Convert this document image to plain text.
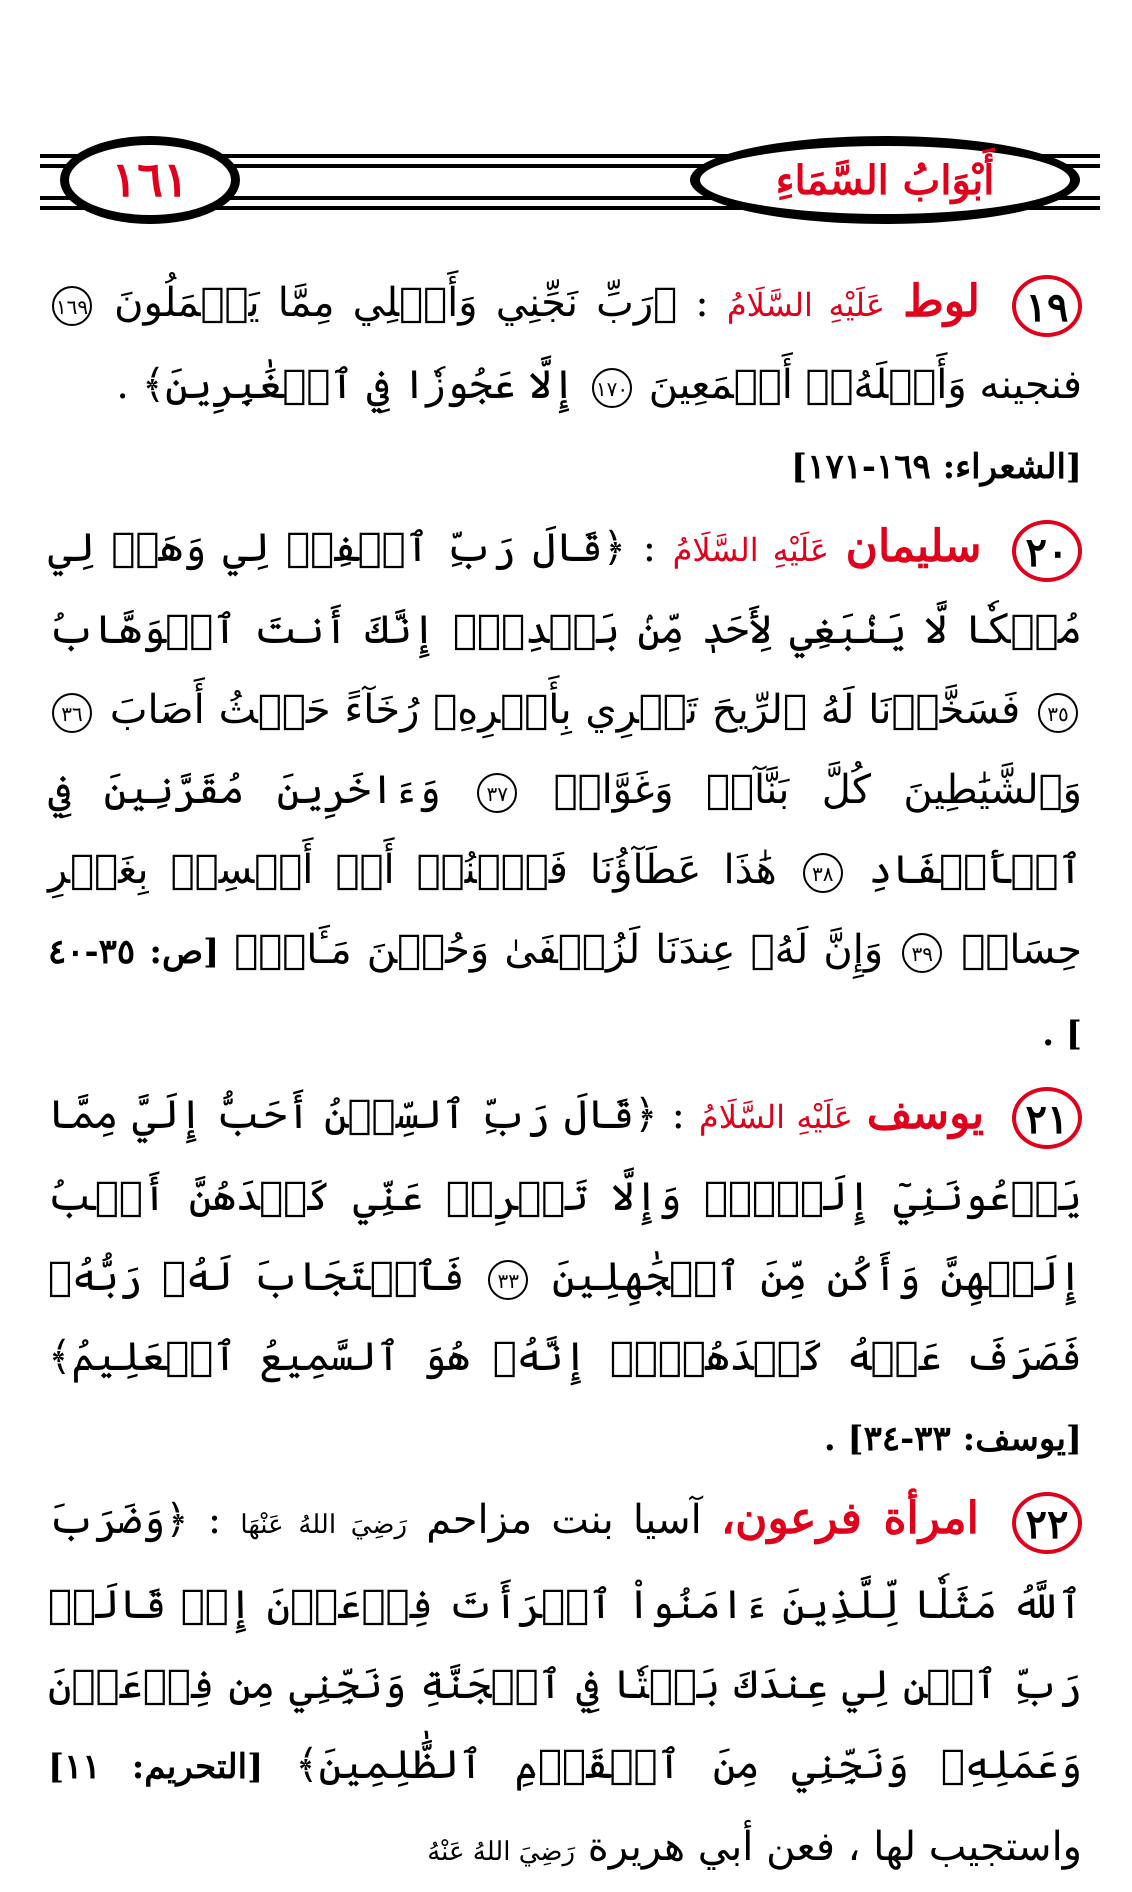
١٦١	أَبْوَابُ السَّمَاءِ

١٩ لوط عَلَيْهِ السَّلَامُ : ﴿رَبِّ نَجِّنِي وَأَهۡلِي مِمَّا يَعۡمَلُونَ ١٦٩ فنجينه وَأَهۡلَهُۥٓ أَجۡمَعِينَ ١٧٠ إِلَّا عَجُوزٗا فِي ٱلۡغَٰبِرِينَ﴾ .

[الشعراء: ١٦٩-١٧١]

٢٠ سليمان عَلَيْهِ السَّلَامُ : ﴿قَالَ رَبِّ ٱغۡفِرۡ لِي وَهَبۡ لِي مُلۡكٗا لَّا يَنۢبَغِي لِأَحَدٖ مِّنۢ بَعۡدِيٓۖ إِنَّكَ أَنتَ ٱلۡوَهَّابُ ٣٥ فَسَخَّرۡنَا لَهُ ٱلرِّيحَ تَجۡرِي بِأَمۡرِهِۦ رُخَآءً حَيۡثُ أَصَابَ ٣٦ وَٱلشَّيَٰطِينَ كُلَّ بَنَّآءٖ وَغَوَّاصٖ ٣٧ وَءَاخَرِينَ مُقَرَّنِينَ فِي ٱلۡأَصۡفَادِ ٣٨ هَٰذَا عَطَآؤُنَا فَٱمۡنُنۡ أَوۡ أَمۡسِكۡ بِغَيۡرِ حِسَابٖ ٣٩ وَإِنَّ لَهُۥ عِندَنَا لَزُلۡفَىٰ وَحُسۡنَ مَـَٔابٖ﴾ [ص: ٣٥-٤٠ ] .

٢١ يوسف عَلَيْهِ السَّلَامُ : ﴿قَالَ رَبِّ ٱلسِّجۡنُ أَحَبُّ إِلَيَّ مِمَّا يَدۡعُونَنِيٓ إِلَيۡهِۖ وَإِلَّا تَصۡرِفۡ عَنِّي كَيۡدَهُنَّ أَصۡبُ إِلَيۡهِنَّ وَأَكُن مِّنَ ٱلۡجَٰهِلِينَ ٣٣ فَٱسۡتَجَابَ لَهُۥ رَبُّهُۥ فَصَرَفَ عَنۡهُ كَيۡدَهُنَّۚ إِنَّهُۥ هُوَ ٱلسَّمِيعُ ٱلۡعَلِيمُ﴾ [يوسف: ٣٣-٣٤] .

٢٢ امرأة فرعون، آسيا بنت مزاحم رَضِيَ اللهُ عَنْهَا : ﴿وَضَرَبَ ٱللَّهُ مَثَلٗا لِّلَّذِينَ ءَامَنُواْ ٱمۡرَأَتَ فِرۡعَوۡنَ إِذۡ قَالَتۡ رَبِّ ٱبۡنِ لِي عِندَكَ بَيۡتٗا فِي ٱلۡجَنَّةِ وَنَجِّنِي مِن فِرۡعَوۡنَ وَعَمَلِهِۦ وَنَجِّنِي مِنَ ٱلۡقَوۡمِ ٱلظَّٰلِمِينَ﴾ [التحريم: ١١] واستجيب لها ، فعن أبي هريرة رَضِيَ اللهُ عَنْهُ
